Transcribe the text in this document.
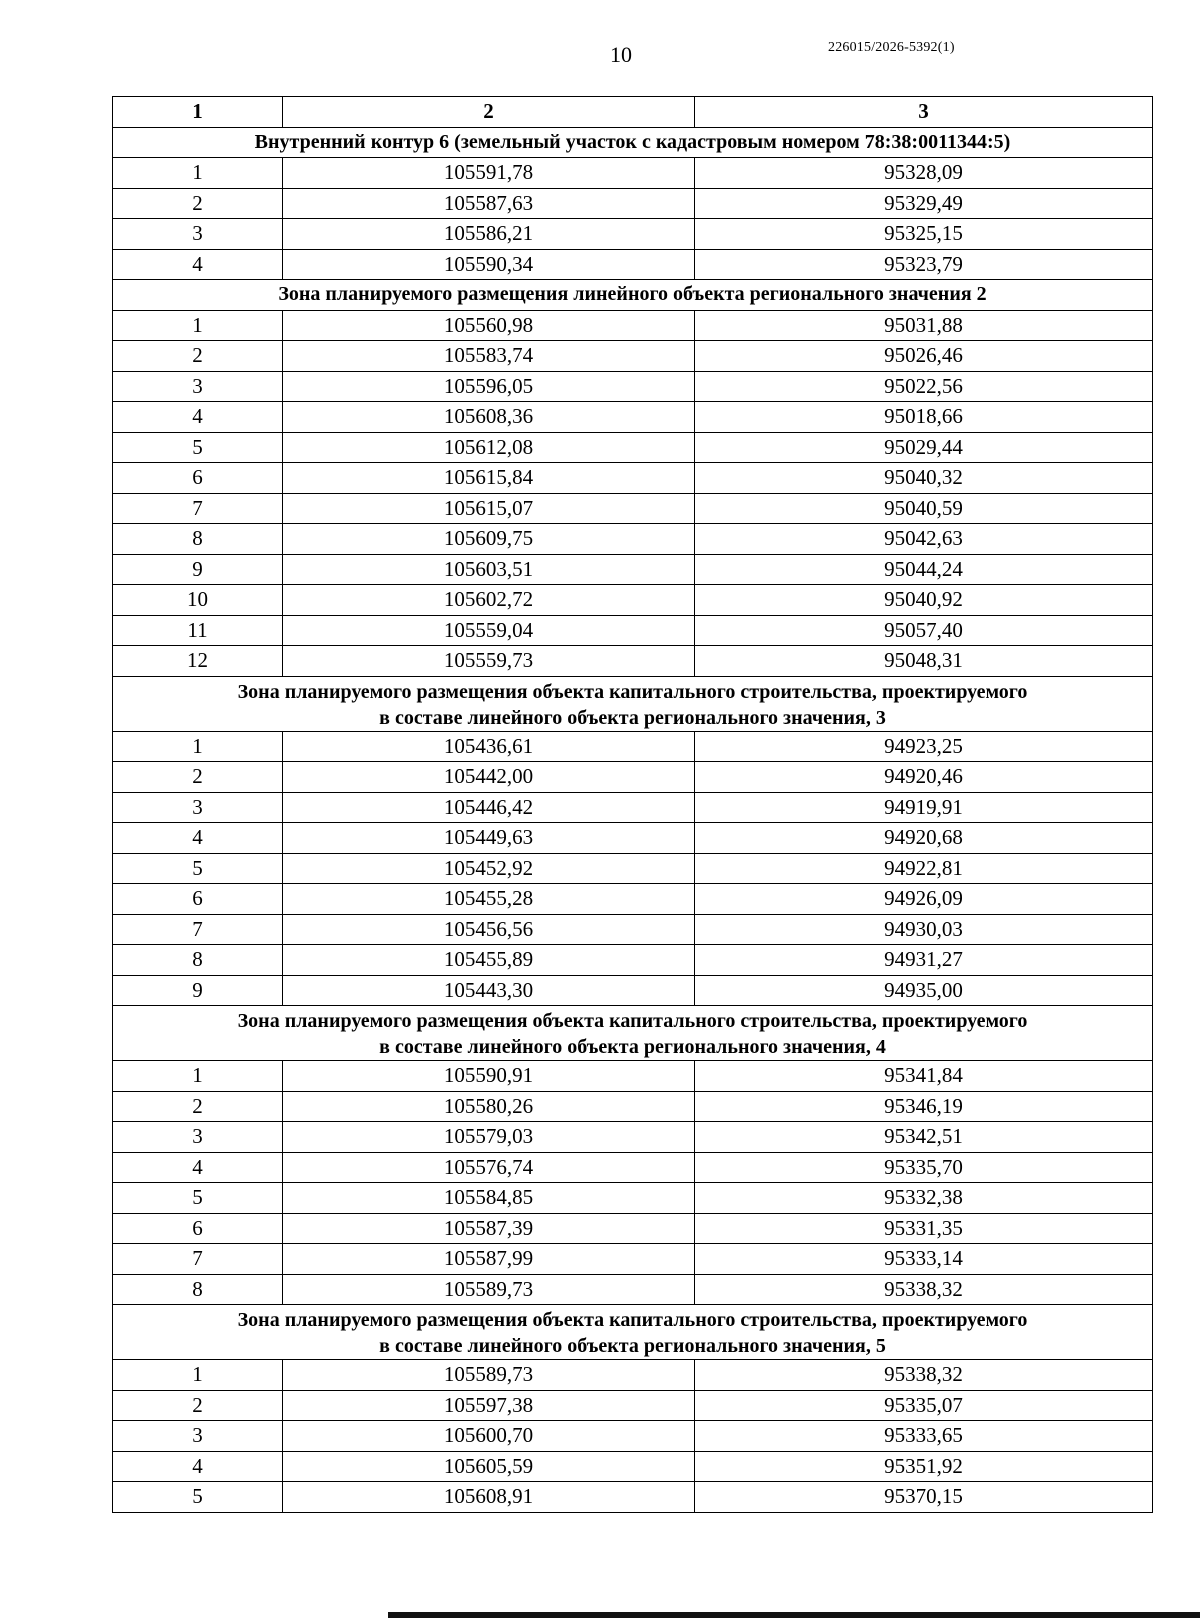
10	226015/2026-5392(1)
1	2	3
Внутренний контур 6 (земельный участок с кадастровым номером 78:38:0011344:5)		
1	105591,78	95328,09
2	105587,63	95329,49
3	105586,21	95325,15
4	105590,34	95323,79
Зона планируемого размещения линейного объекта регионального значения 2		
1	105560,98	95031,88
2	105583,74	95026,46
3	105596,05	95022,56
4	105608,36	95018,66
5	105612,08	95029,44
6	105615,84	95040,32
7	105615,07	95040,59
8	105609,75	95042,63
9	105603,51	95044,24
10	105602,72	95040,92
11	105559,04	95057,40
12	105559,73	95048,31
Зона планируемого размещения объекта капитального строительства, проектируемого
в составе линейного объекта регионального значения, 3		
1	105436,61	94923,25
2	105442,00	94920,46
3	105446,42	94919,91
4	105449,63	94920,68
5	105452,92	94922,81
6	105455,28	94926,09
7	105456,56	94930,03
8	105455,89	94931,27
9	105443,30	94935,00
Зона планируемого размещения объекта капитального строительства, проектируемого
в составе линейного объекта регионального значения, 4		
1	105590,91	95341,84
2	105580,26	95346,19
3	105579,03	95342,51
4	105576,74	95335,70
5	105584,85	95332,38
6	105587,39	95331,35
7	105587,99	95333,14
8	105589,73	95338,32
Зона планируемого размещения объекта капитального строительства, проектируемого
в составе линейного объекта регионального значения, 5		
1	105589,73	95338,32
2	105597,38	95335,07
3	105600,70	95333,65
4	105605,59	95351,92
5	105608,91	95370,15
